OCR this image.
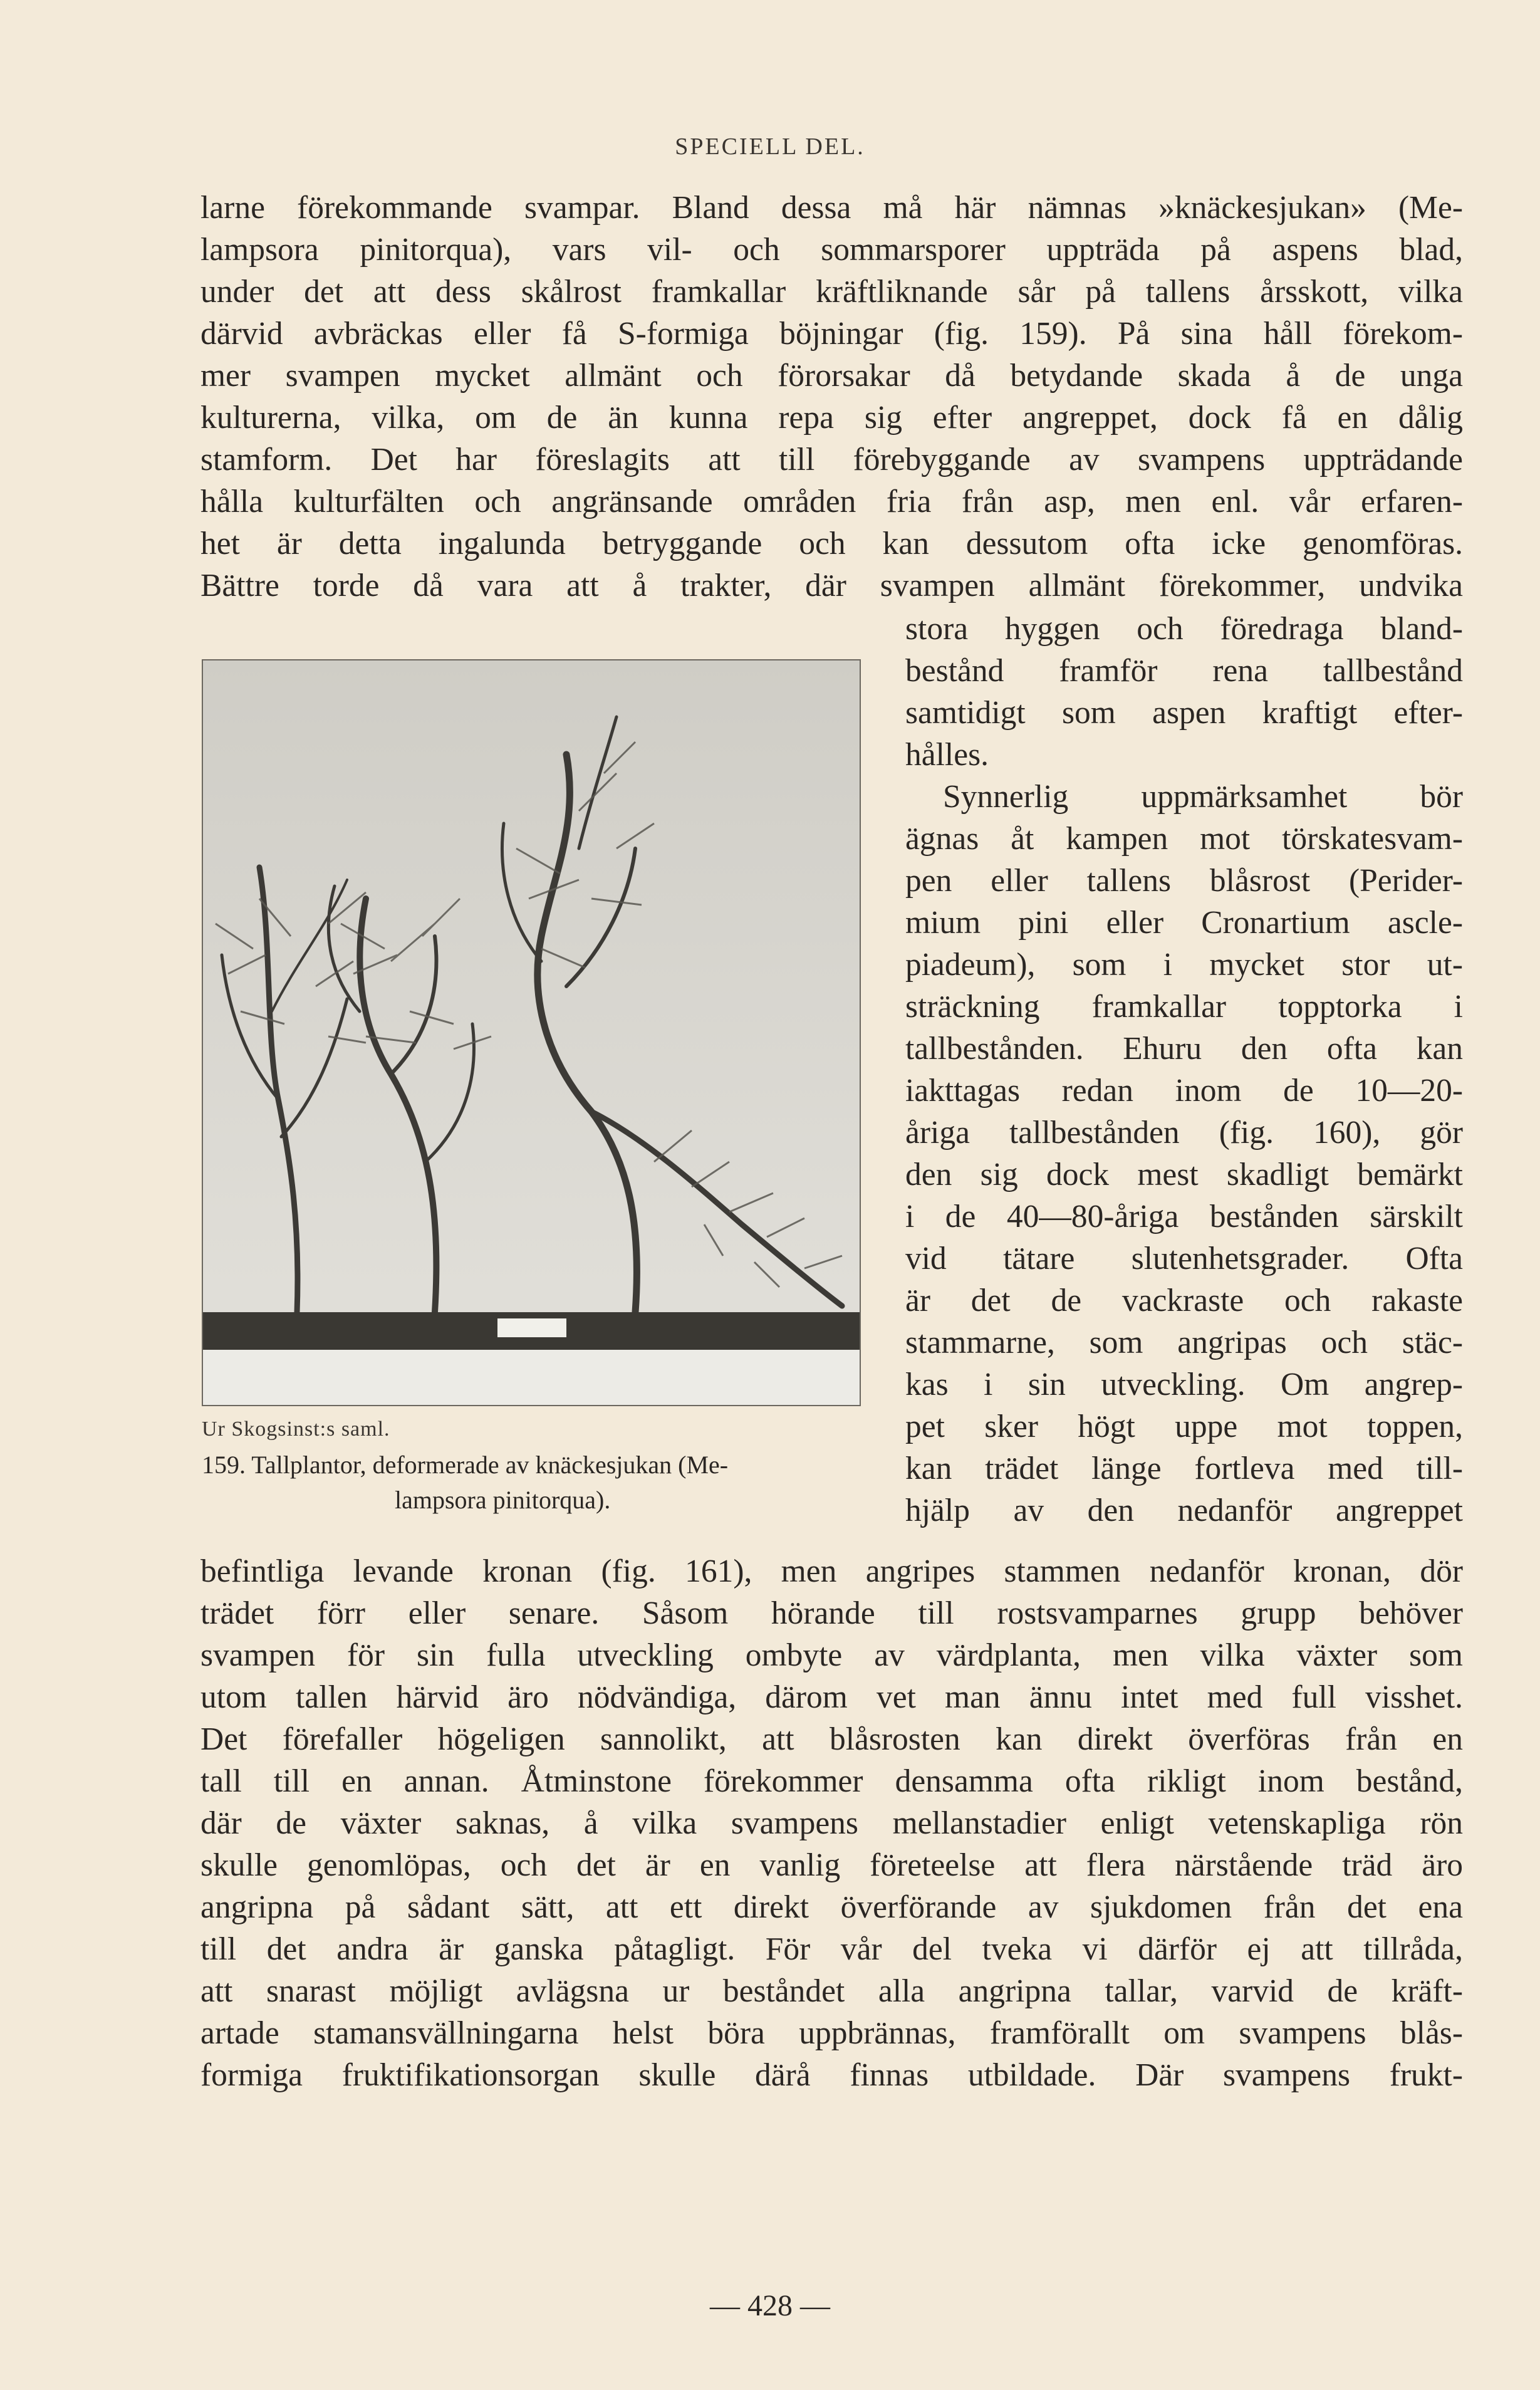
SPECIELL DEL.
larne förekommande svampar. Bland dessa må här nämnas »knäckesjukan» (Me-
lampsora pinitorqua), vars vil- och sommarsporer uppträda på aspens blad,
under det att dess skålrost framkallar kräftliknande sår på tallens årsskott, vilka
därvid avbräckas eller få S-formiga böjningar (fig. 159). På sina håll förekom-
mer svampen mycket allmänt och förorsakar då betydande skada å de unga
kulturerna, vilka, om de än kunna repa sig efter angreppet, dock få en dålig
stamform. Det har föreslagits att till förebyggande av svampens uppträdande
hålla kulturfälten och angränsande områden fria från asp, men enl. vår erfaren-
het är detta ingalunda betryggande och kan dessutom ofta icke genomföras.
Bättre torde då vara att å trakter, där svampen allmänt förekommer, undvika
Ur Skogsinst:s saml.
159. Tallplantor, deformerade av knäckesjukan (Me-
lampsora pinitorqua).
stora hyggen och föredraga bland-
bestånd framför rena tallbestånd
samtidigt som aspen kraftigt efter-
hålles.
Synnerlig uppmärksamhet bör
ägnas åt kampen mot törskatesvam-
pen eller tallens blåsrost (Perider-
mium pini eller Cronartium ascle-
piadeum), som i mycket stor ut-
sträckning framkallar topptorka i
tallbestånden. Ehuru den ofta kan
iakttagas redan inom de 10—20-
åriga tallbestånden (fig. 160), gör
den sig dock mest skadligt bemärkt
i de 40—80-åriga bestånden särskilt
vid tätare slutenhetsgrader. Ofta
är det de vackraste och rakaste
stammarne, som angripas och stäc-
kas i sin utveckling. Om angrep-
pet sker högt uppe mot toppen,
kan trädet länge fortleva med till-
hjälp av den nedanför angreppet
befintliga levande kronan (fig. 161), men angripes stammen nedanför kronan, dör
trädet förr eller senare. Såsom hörande till rostsvamparnes grupp behöver
svampen för sin fulla utveckling ombyte av värdplanta, men vilka växter som
utom tallen härvid äro nödvändiga, därom vet man ännu intet med full visshet.
Det förefaller högeligen sannolikt, att blåsrosten kan direkt överföras från en
tall till en annan. Åtminstone förekommer densamma ofta rikligt inom bestånd,
där de växter saknas, å vilka svampens mellanstadier enligt vetenskapliga rön
skulle genomlöpas, och det är en vanlig företeelse att flera närstående träd äro
angripna på sådant sätt, att ett direkt överförande av sjukdomen från det ena
till det andra är ganska påtagligt. För vår del tveka vi därför ej att tillråda,
att snarast möjligt avlägsna ur beståndet alla angripna tallar, varvid de kräft-
artade stamansvällningarna helst böra uppbrännas, framförallt om svampens blås-
formiga fruktifikationsorgan skulle därå finnas utbildade. Där svampens frukt-
— 428 —
